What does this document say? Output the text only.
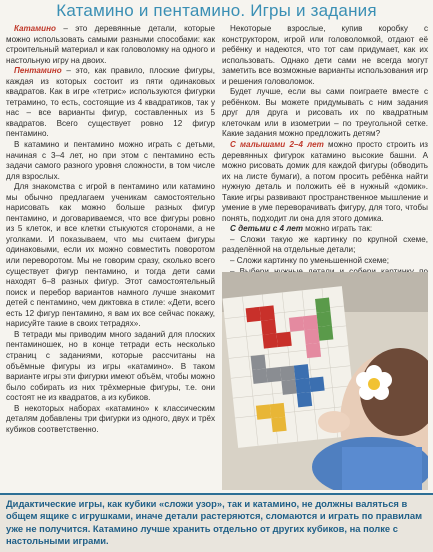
Катамино и пентамино. Игры и задания

Катамино – это деревянные детали, которые можно использовать самыми разными способами: как строительный материал и как головоломку на одного и настольную игру на двоих.

Пентамино – это, как правило, плоские фигуры, каждая из которых состоит из пяти одинаковых квадратов. Как в игре «тетрис» используются фигурки тетрамино, то есть, состоящие из 4 квадратиков, так у нас – все варианты фигур, составленных из 5 квадратов. Всего существует ровно 12 фигур пентамино.

В катамино и пентамино можно играть с детьми, начиная с 3–4 лет, но при этом с пентамино есть задачи самого разного уровня сложности, в том числе для взрослых.

Для знакомства с игрой в пентамино или катамино мы обычно предлагаем ученикам самостоятельно нарисовать как можно больше разных фигур пентамино, и договариваемся, что все фигуры ровно из 5 клеток, и все клетки стыкуются сторонами, а не уголками. И показываем, что мы считаем фигуры одинаковыми, если их можно совместить поворотом или переворотом. Мы не говорим сразу, сколько всего существует фигур пентамино, и тогда дети сами находят 6–8 разных фигур. Этот самостоятельный поиск и перебор вариантов намного лучше знакомит детей с пентамино, чем диктовка в стиле: «Дети, всего есть 12 фигур пентамино, я вам их все сейчас покажу, нарисуйте такие в своих тетрадях».

В тетради мы приводим много заданий для плоских пентаминошек, но в конце тетради есть несколько страниц с заданиями, которые рассчитаны на объёмные фигуры из игры «катамино». В таком варианте игры эти фигурки имеют объём, чтобы можно было собирать из них трёхмерные фигуры, т.е. они состоят не из квадратов, а из кубиков.

В некоторых наборах «катамино» к классическим деталям добавлены три фигурки из одного, двух и трёх кубиков соответственно.

Некоторые взрослые, купив коробку с конструктором, игрой или головоломкой, отдают её ребёнку и надеются, что тот сам придумает, как их использовать. Однако дети сами не всегда могут заметить все возможные варианты использования игр и решения головоломок.

Будет лучше, если вы сами поиграете вместе с ребёнком. Вы можете придумывать с ним задания друг для друга и рисовать их по квадратным клеточкам или в изометрии – по треугольной сетке. Какие задания можно предложить детям?

С малышами 2–4 лет можно просто строить из деревянных фигурок катамино высокие башни. А можно рисовать домик для каждой фигуры (обводить их на листе бумаги), а потом просить ребёнка найти нужную деталь и положить её в нужный «домик». Такие игры развивают пространственное мышление и умение в уме переворачивать фигуру, для того, чтобы понять, подходит ли она для этого домика.

С детьми с 4 лет можно играть так:

– Сложи такую же картинку по крупной схеме, разделённой на отдельные детали;

– Сложи картинку по уменьшенной схеме;

Дидактические игры, как кубики «сложи узор», так и катамино, не должны валяться в общем ящике с игрушками, иначе детали растеряются, сломаются и играть по правилам уже не получится. Катамино лучше хранить отдельно от других кубиков, на полке с настольными играми.
